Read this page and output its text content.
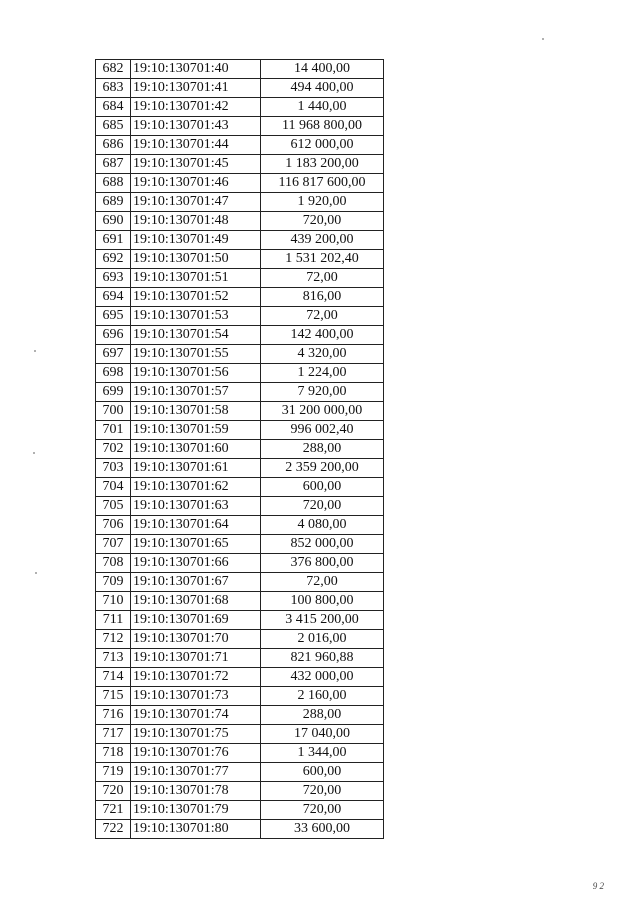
682	19:10:130701:40	14 400,00
683	19:10:130701:41	494 400,00
684	19:10:130701:42	1 440,00
685	19:10:130701:43	11 968 800,00
686	19:10:130701:44	612 000,00
687	19:10:130701:45	1 183 200,00
688	19:10:130701:46	116 817 600,00
689	19:10:130701:47	1 920,00
690	19:10:130701:48	720,00
691	19:10:130701:49	439 200,00
692	19:10:130701:50	1 531 202,40
693	19:10:130701:51	72,00
694	19:10:130701:52	816,00
695	19:10:130701:53	72,00
696	19:10:130701:54	142 400,00
697	19:10:130701:55	4 320,00
698	19:10:130701:56	1 224,00
699	19:10:130701:57	7 920,00
700	19:10:130701:58	31 200 000,00
701	19:10:130701:59	996 002,40
702	19:10:130701:60	288,00
703	19:10:130701:61	2 359 200,00
704	19:10:130701:62	600,00
705	19:10:130701:63	720,00
706	19:10:130701:64	4 080,00
707	19:10:130701:65	852 000,00
708	19:10:130701:66	376 800,00
709	19:10:130701:67	72,00
710	19:10:130701:68	100 800,00
711	19:10:130701:69	3 415 200,00
712	19:10:130701:70	2 016,00
713	19:10:130701:71	821 960,88
714	19:10:130701:72	432 000,00
715	19:10:130701:73	2 160,00
716	19:10:130701:74	288,00
717	19:10:130701:75	17 040,00
718	19:10:130701:76	1 344,00
719	19:10:130701:77	600,00
720	19:10:130701:78	720,00
721	19:10:130701:79	720,00
722	19:10:130701:80	33 600,00
9 2
